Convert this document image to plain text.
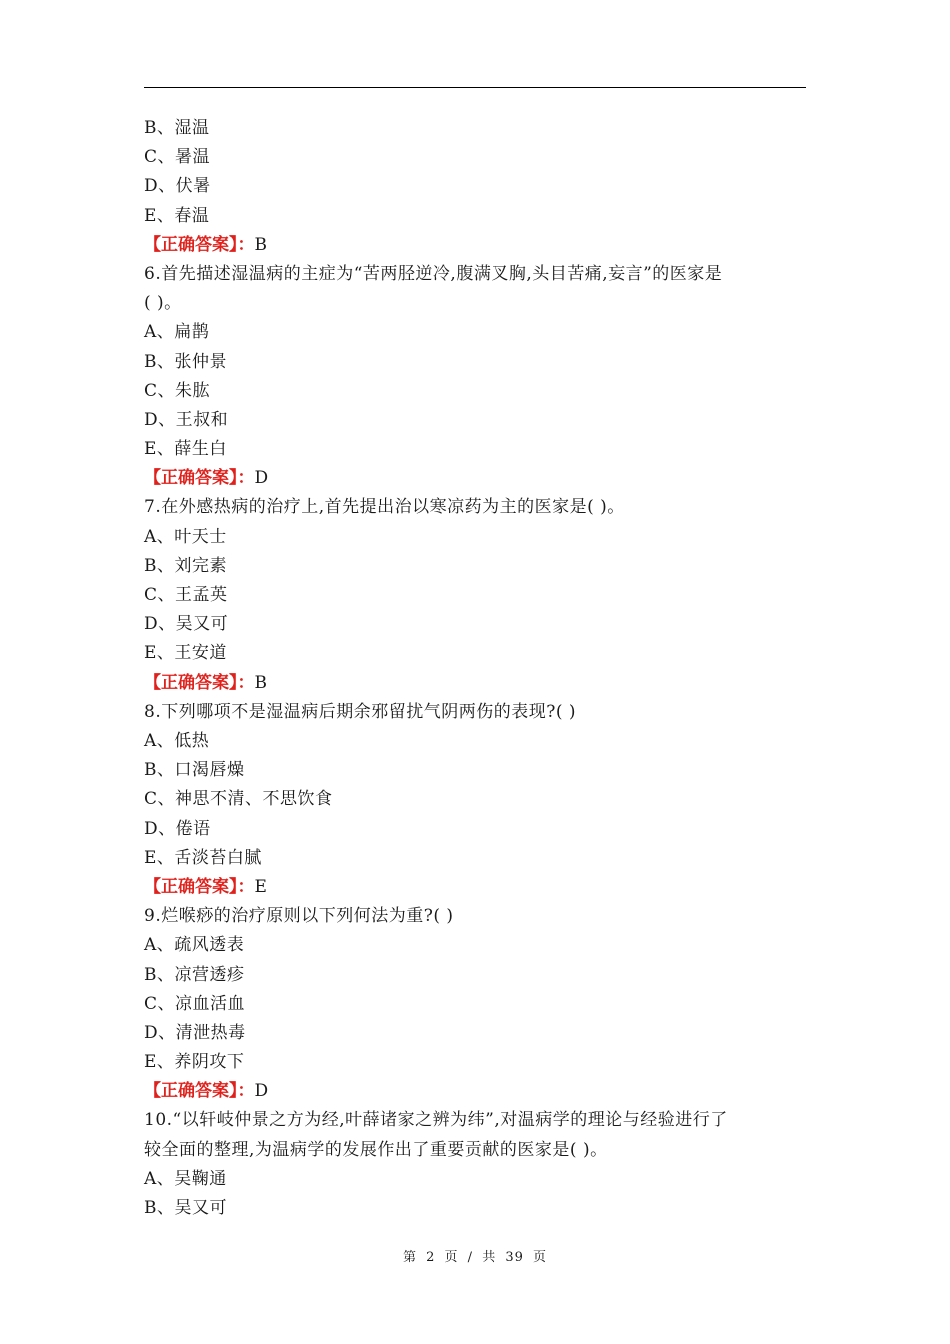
B、湿温
C、暑温
D、伏暑
E、春温
【正确答案】：B
6.首先描述湿温病的主症为“苦两胫逆冷,腹满叉胸,头目苦痛,妄言”的医家是
( )。
A、扁鹊
B、张仲景
C、朱肱
D、王叔和
E、薛生白
【正确答案】：D
7.在外感热病的治疗上,首先提出治以寒凉药为主的医家是( )。
A、叶天士
B、刘完素
C、王孟英
D、吴又可
E、王安道
【正确答案】：B
8.下列哪项不是湿温病后期余邪留扰气阴两伤的表现?( )
A、低热
B、口渴唇燥
C、神思不清、不思饮食
D、倦语
E、舌淡苔白腻
【正确答案】：E
9.烂喉痧的治疗原则以下列何法为重?( )
A、疏风透表
B、凉营透疹
C、凉血活血
D、清泄热毒
E、养阴攻下
【正确答案】：D
10.“以轩岐仲景之方为经,叶薛诸家之辨为纬”,对温病学的理论与经验进行了
较全面的整理,为温病学的发展作出了重要贡献的医家是( )。
A、吴鞠通
B、吴又可
第 2 页 / 共 39 页
